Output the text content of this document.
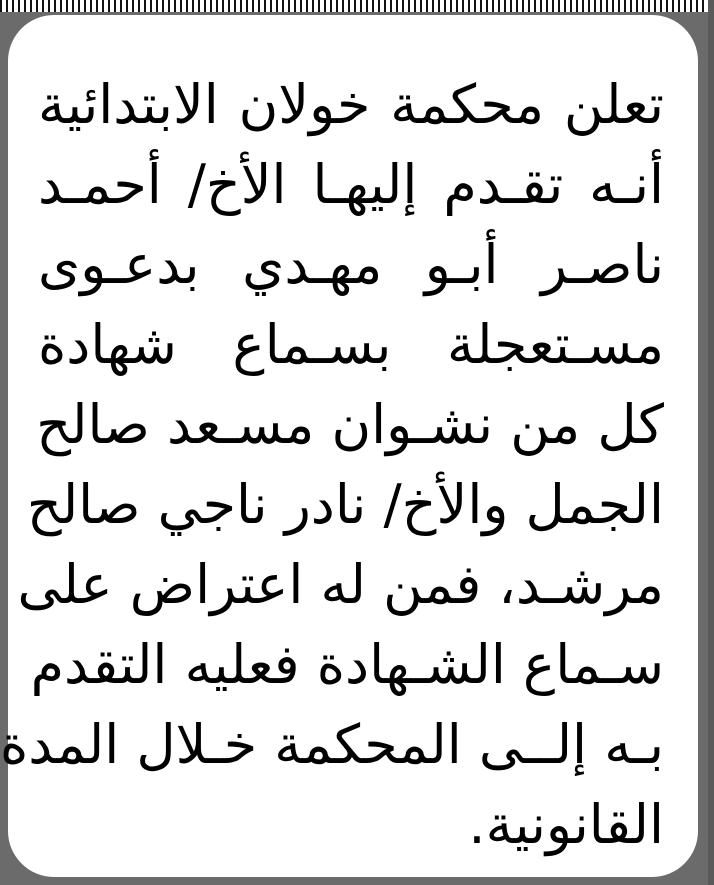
تعلن محكمة خولان الابتدائية
أنـه تقـدم إليهـا الأخ/ أحمـد
ناصـر أبـو مهـدي بدعـوى
مسـتعجلة بسـماع شهادة
كل من نشـوان مسـعد صالح
الجمل والأخ/ نادر ناجي صالح
مرشـد، فمن له اعتراض على
سـماع الشـهادة فعليه التقدم
بـه إلــى المحكمة خـلال المدة
القانونية.
